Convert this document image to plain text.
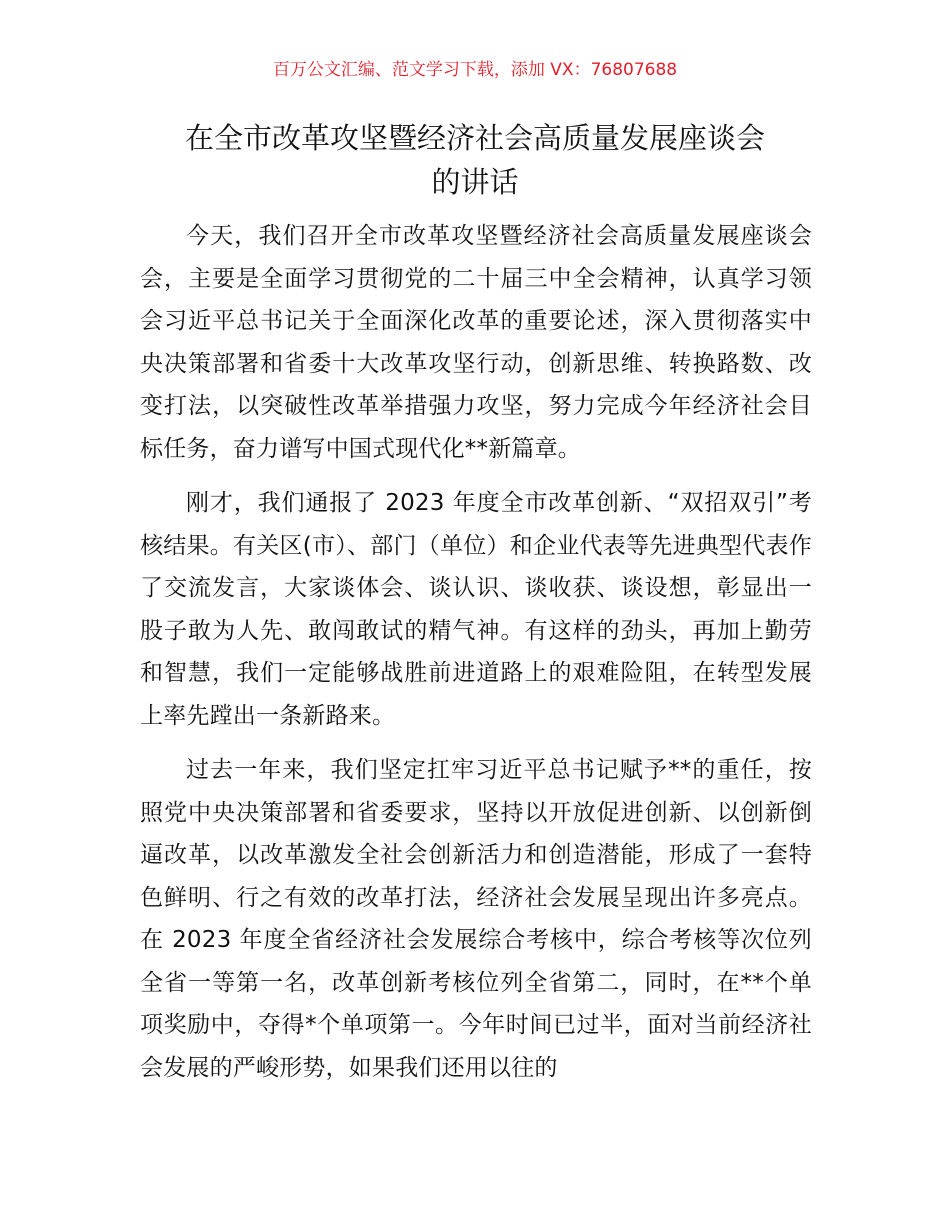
百万公文汇编、范文学习下载，添加 VX：76807688
在全市改革攻坚暨经济社会高质量发展座谈会
的讲话

今天，我们召开全市改革攻坚暨经济社会高质量发展座谈会会，主要是全面学习贯彻党的二十届三中全会精神，认真学习领会习近平总书记关于全面深化改革的重要论述，深入贯彻落实中央决策部署和省委十大改革攻坚行动，创新思维、转换路数、改变打法，以突破性改革举措强力攻坚，努力完成今年经济社会目标任务，奋力谱写中国式现代化**新篇章。

刚才，我们通报了 2023 年度全市改革创新、“双招双引”考核结果。有关区(市）、部门（单位）和企业代表等先进典型代表作了交流发言，大家谈体会、谈认识、谈收获、谈设想，彰显出一股子敢为人先、敢闯敢试的精气神。有这样的劲头，再加上勤劳和智慧，我们一定能够战胜前进道路上的艰难险阻，在转型发展上率先蹚出一条新路来。

过去一年来，我们坚定扛牢习近平总书记赋予**的重任，按照党中央决策部署和省委要求，坚持以开放促进创新、以创新倒逼改革，以改革激发全社会创新活力和创造潜能，形成了一套特色鲜明、行之有效的改革打法，经济社会发展呈现出许多亮点。在 2023 年度全省经济社会发展综合考核中，综合考核等次位列全省一等第一名，改革创新考核位列全省第二，同时，在**个单项奖励中，夺得*个单项第一。今年时间已过半，面对当前经济社会发展的严峻形势，如果我们还用以往的
